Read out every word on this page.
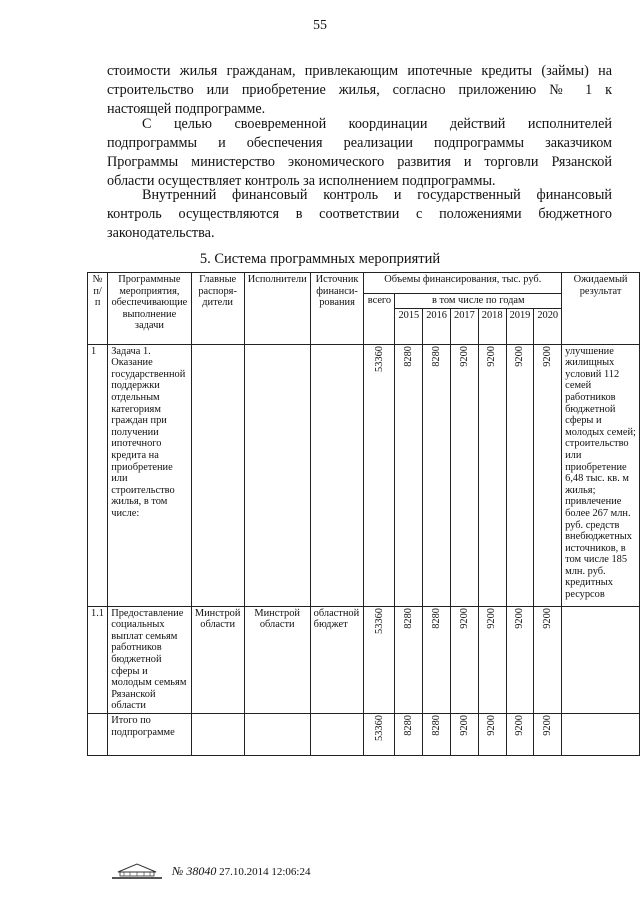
55

стоимости жилья гражданам, привлекающим ипотечные кредиты (займы) на
строительство или приобретение жилья, согласно приложению № 1 к
настоящей подпрограмме.

С целью своевременной координации действий исполнителей
подпрограммы и обеспечения реализации подпрограммы заказчиком
Программы министерство экономического развития и торговли Рязанской
области осуществляет контроль за исполнением подпрограммы.

Внутренний финансовый контроль и государственный финансовый
контроль осуществляются в соответствии с положениями бюджетного
законодательства.

5. Система программных мероприятий
№ п/п	Программные мероприятия, обеспечивающие выполнение задачи	Главные распоря-дители	Исполнители	Источник финанси-рования	Объемы финансирования, тыс. руб.							Ожидаемый результат
					всего	в том числе по годам						
						2015	2016	2017	2018	2019	2020	
1	Задача 1. Оказание государственной поддержки отдельным категориям граждан при получении ипотечного кредита на приобретение или строительство жилья, в том числе:				53360	8280	8280	9200	9200	9200	9200	улучшение жилищных условий 112 семей работников бюджетной сферы и молодых семей; строительство или приобретение 6,48 тыс. кв. м жилья; привлечение более 267 млн. руб. средств внебюджетных источников, в том числе 185 млн. руб. кредитных ресурсов
1.1	Предоставление социальных выплат семьям работников бюджетной сферы и молодым семьям Рязанской области	Минстрой области	Минстрой области	областной бюджет	53360	8280	8280	9200	9200	9200	9200	

	Итого по подпрограмме				53360	8280	8280	9200	9200	9200	9200	

№ 38040 27.10.2014 12:06:24
